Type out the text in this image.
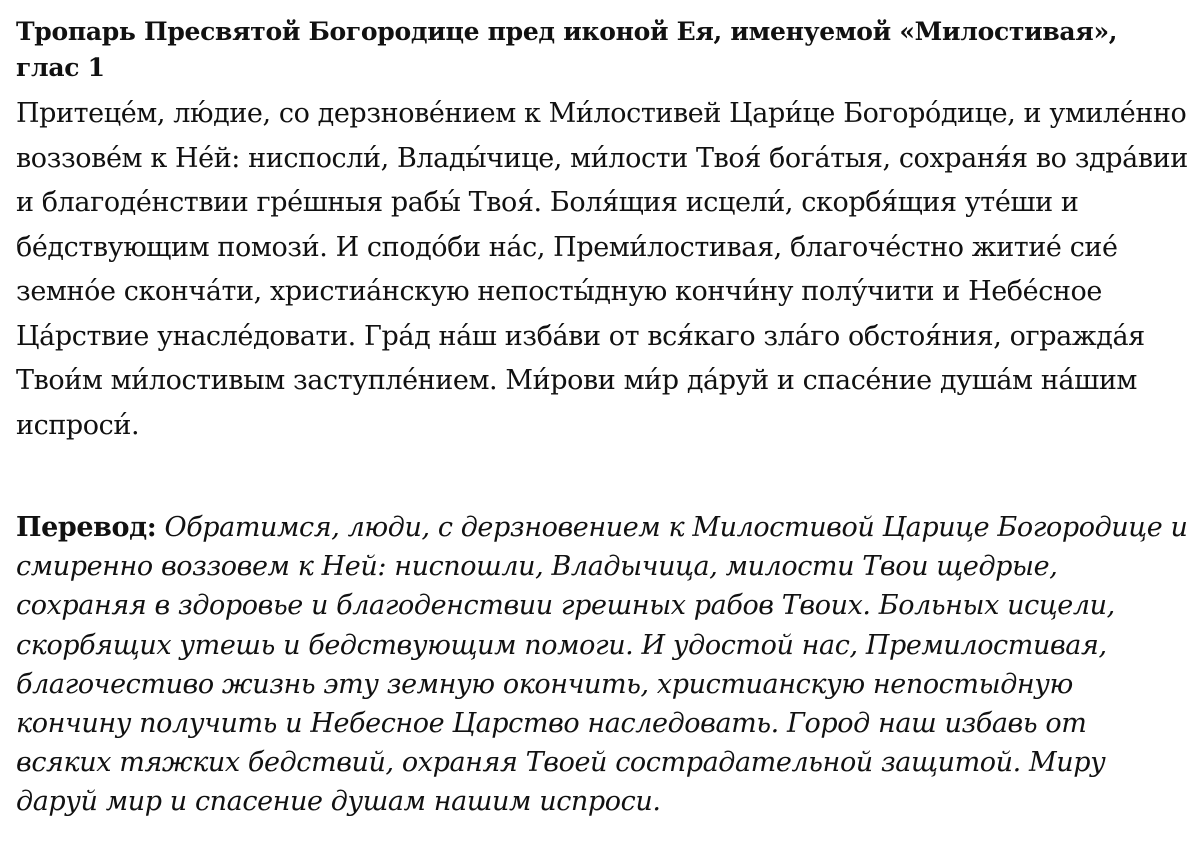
Тропарь Пресвятой Богородице пред иконой Ея, именуемой «Милостивая», глас 1

Притеце́м, лю́дие, со дерзнове́нием к Ми́лостивей Цари́це Богоро́дице, и умиле́нно воззове́м к Не́й: ниспосли́, Влады́чице, ми́лости Твоя́ бога́тыя, сохраня́я во здра́вии и благоде́нствии гре́шныя рабы́ Твоя́. Боля́щия исцели́, скорбя́щия уте́ши и бе́дствующим помози́. И сподо́би на́с, Преми́лостивая, благоче́стно житие́ сие́ земно́е сконча́ти, христиа́нскую непосты́дную кончи́ну полу́чити и Небе́сное Ца́рствие унасле́довати. Гра́д на́ш изба́ви от вся́каго зла́го обстоя́ния, огражда́я Твои́м ми́лостивым заступле́нием. Ми́рови ми́р да́руй и спасе́ние душа́м на́шим испроси́.

Перевод: Обратимся, люди, с дерзновением к Милостивой Царице Богородице и смиренно воззовем к Ней: ниспошли, Владычица, милости Твои щедрые, сохраняя в здоровье и благоденствии грешных рабов Твоих. Больных исцели, скорбящих утешь и бедствующим помоги. И удостой нас, Премилостивая, благочестиво жизнь эту земную окончить, христианскую непостыдную кончину получить и Небесное Царство наследовать. Город наш избавь от всяких тяжких бедствий, охраняя Твоей сострадательной защитой. Миру даруй мир и спасение душам нашим испроси.
